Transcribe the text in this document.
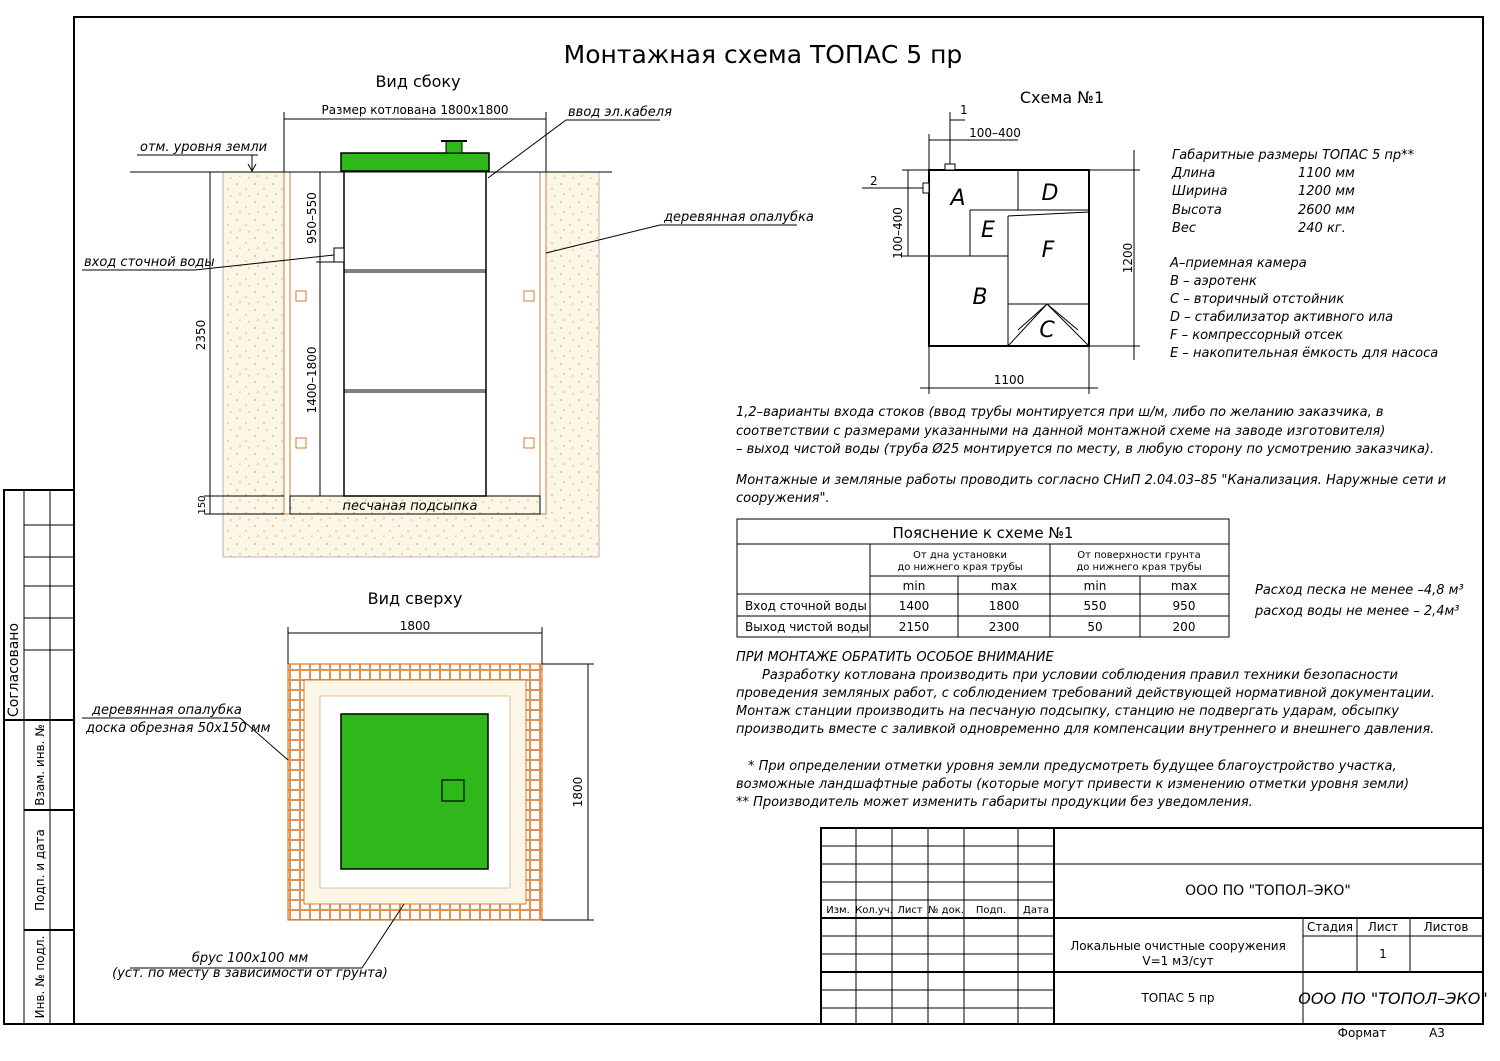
Монтажная схема ТОПАС 5 пр
Вид сбоку
песчаная подсыпка
отм. уровня земли
Размер котлована 1800х1800	ввод эл.кабеля
деревянная опалубка
вход сточной воды
2350
150
950–550
1400–1800
Вид сверху
1800
1800
деревянная опалубка
доска обрезная 50х150 мм
брус 100х100 мм
(уст. по месту в зависимости от грунта)
Схема №1
A	D
E
F
B
C
1
2
100–400
100–400	1200
1100
Габаритные размеры ТОПАС 5 пр**
Длина	1100 мм
Ширина	1200 мм
Высота	2600 мм
Вес	240 кг.
A–приемная камера
B – аэротенк
C – вторичный отстойник
D – стабилизатор активного ила
F – компрессорный отсек
E – накопительная ёмкость для насоса
1,2–варианты входа стоков (ввод трубы монтируется при ш/м, либо по желанию заказчика, в
соответствии с размерами указанными на данной монтажной схеме на заводе изготовителя)
– выход чистой воды (труба Ø25 монтируется по месту, в любую сторону по усмотрению заказчика).
Монтажные и земляные работы проводить согласно СНиП 2.04.03–85 "Канализация. Наружные сети и
сооружения".
Пояснение к схеме №1
От дна установки
до нижнего края трубы
От поверхности грунта
до нижнего края трубы
min	max	min	max
Вход сточной воды	1400	1800	550	950
Выход чистой воды 2150	2300	50	200
Расход песка не менее –4,8 м³
расход воды не менее – 2,4м³
ПРИ МОНТАЖЕ ОБРАТИТЬ ОСОБОЕ ВНИМАНИЕ
Разработку котлована производить при условии соблюдения правил техники безопасности
проведения земляных работ, с соблюдением требований действующей нормативной документации.
Монтаж станции производить на песчаную подсыпку, станцию не подвергать ударам, обсыпку
производить вместе с заливкой одновременно для компенсации внутреннего и внешнего давления.
* При определении отметки уровня земли предусмотреть будущее благоустройство участка,
возможные ландшафтные работы (которые могут привести к изменению отметки уровня земли)
** Производитель может изменить габариты продукции без уведомления.
Согласовано
Взам. инв. №
Подп. и дата
Инв. № подл.
Изм. Кол.уч. Лист № док. Подп. Дата
ООО ПО "ТОПОЛ–ЭКО"
Локальные очистные сооружения
V=1 м3/сут
Стадия Лист Листов
1
ТОПАС 5 пр	ООО ПО "ТОПОЛ–ЭКО"
Формат	А3
